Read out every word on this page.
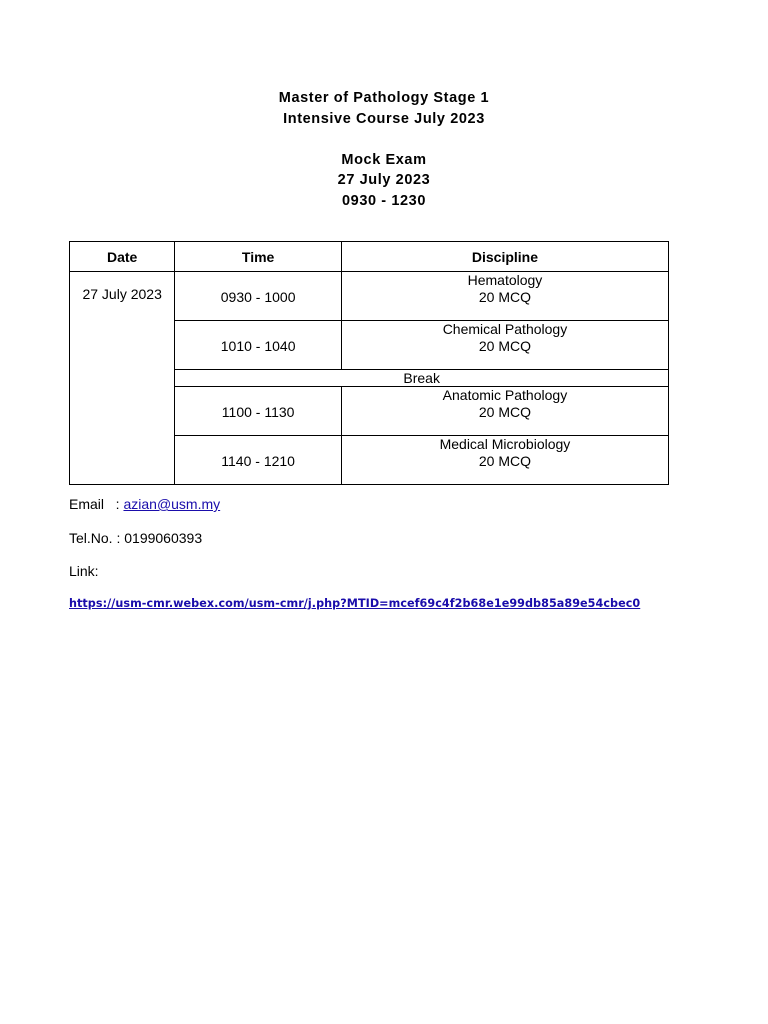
Master of Pathology Stage 1
Intensive Course July 2023
Mock Exam
27 July 2023
0930 - 1230
Date	Time	Discipline
27 July 2023	0930 - 1000	Hematology
20 MCQ

	1010 - 1040	Chemical Pathology
20 MCQ

	Break	
	1100 - 1130	Anatomic Pathology
20 MCQ

	1140 - 1210	Medical Microbiology
20 MCQ
Email   : azian@usm.my
Tel.No. : 0199060393
Link:
https://usm-cmr.webex.com/usm-cmr/j.php?MTID=mcef69c4f2b68e1e99db85a89e54cbec0
